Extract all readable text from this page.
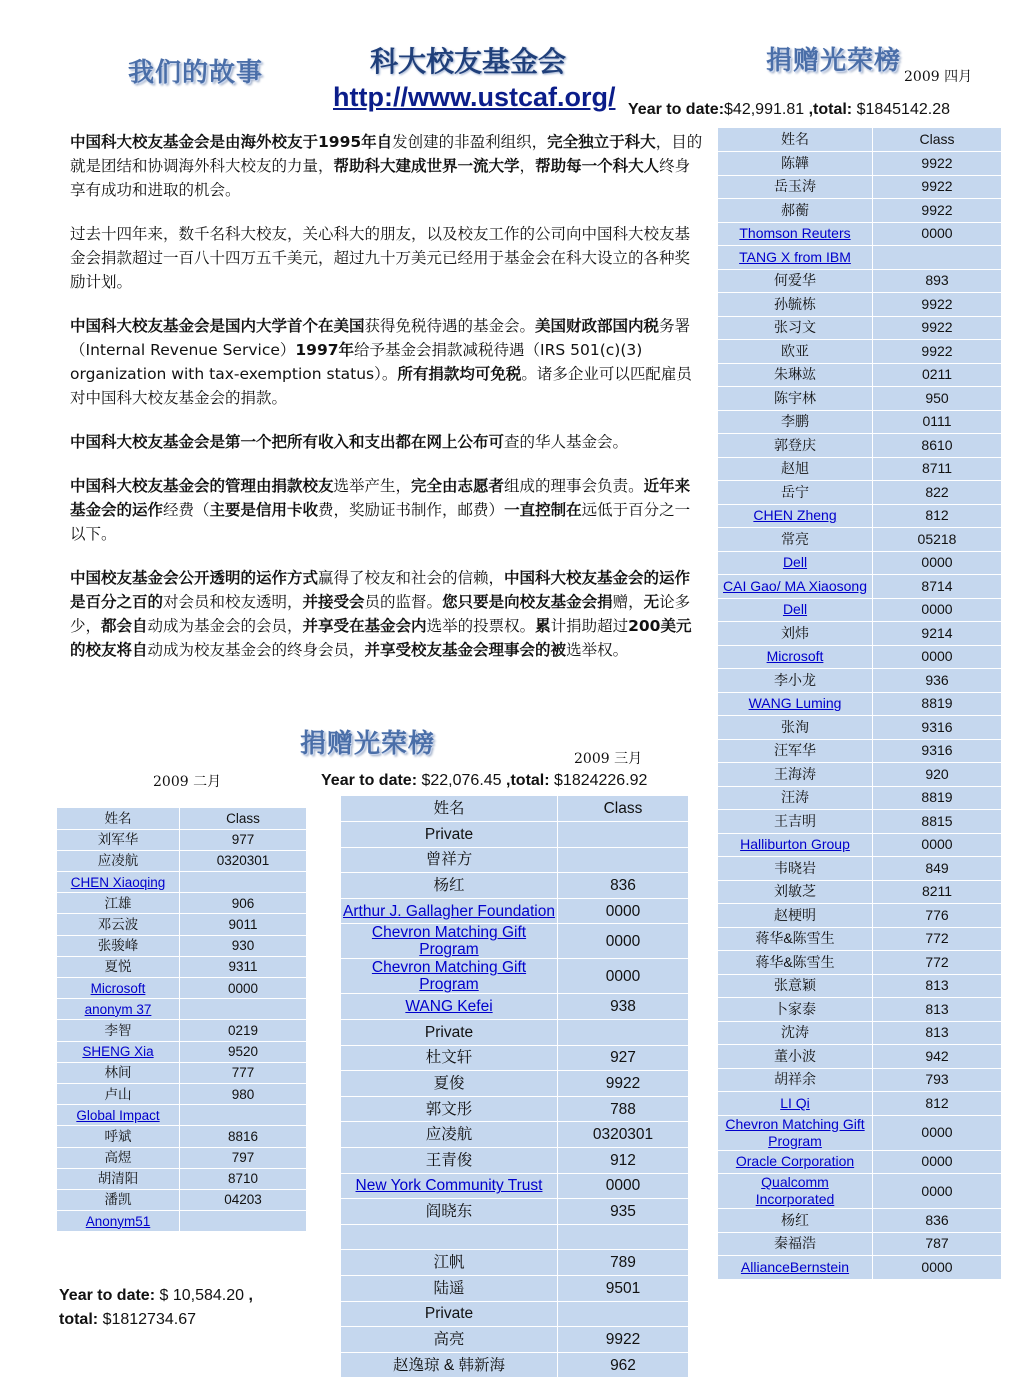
我们的故事	科大校友基金会
http://www.ustcaf.org/
捐赠光荣榜
2009 四月
Year to date:$42,991.81 ,total: $1845142.28

中国科大校友基金会是由海外校友于1995年自发创建的非盈利组织，完全独立于科大，目的就是团结和协调海外科大校友的力量，帮助科大建成世界一流大学，帮助每一个科大人终身享有成功和进取的机会。

过去十四年来，数千名科大校友，关心科大的朋友，以及校友工作的公司向中国科大校友基金会捐款超过一百八十四万五千美元，超过九十万美元已经用于基金会在科大设立的各种奖励计划。

中国科大校友基金会是国内大学首个在美国获得免税待遇的基金会。美国财政部国内税务署（Internal Revenue Service）1997年给予基金会捐款减税待遇（IRS 501(c)(3) organization with tax-exemption status）。所有捐款均可免税。诸多企业可以匹配雇员对中国科大校友基金会的捐款。

中国科大校友基金会是第一个把所有收入和支出都在网上公布可查的华人基金会。

中国科大校友基金会的管理由捐款校友选举产生，完全由志愿者组成的理事会负责。近年来基金会的运作经费（主要是信用卡收费，奖励证书制作，邮费）一直控制在远低于百分之一以下。

中国校友基金会公开透明的运作方式赢得了校友和社会的信赖，中国科大校友基金会的运作是百分之百的对会员和校友透明，并接受会员的监督。您只要是向校友基金会捐赠，无论多少，都会自动成为基金会的会员，并享受在基金会内选举的投票权。累计捐助超过200美元的校友将自动成为校友基金会的终身会员，并享受校友基金会理事会的被选举权。

姓名	Class
陈韡	9922
岳玉涛	9922
郝蘅	9922
Thomson Reuters	0000
TANG X from IBM	
何爱华	893
孙毓栋	9922
张习文	9922
欧亚	9922
朱琳竑	0211
陈宇林	950
李鹏	0111
郭登庆	8610
赵旭	8711
岳宁	822
CHEN Zheng	812
常亮	05218
Dell	0000
CAI Gao/ MA Xiaosong	8714
Dell	0000
刘炜	9214
Microsoft	0000
李小龙	936
WANG Luming	8819
张洵	9316
汪军华	9316
王海涛	920
汪涛	8819
王吉明	8815
Halliburton Group	0000
韦晓岩	849
刘敏芝	8211
赵梗明	776
蒋华&陈雪生	772
蒋华&陈雪生	772
张意颖	813
卜家泰	813
沈涛	813
董小波	942
胡祥余	793
LI Qi	812
Chevron Matching Gift Program	0000
Oracle Corporation	0000
Qualcomm Incorporated	0000
杨红	836
秦福浩	787
AllianceBernstein	0000
捐赠光荣榜	2009 三月
Year to date: $22,076.45 ,total: $1824226.92
2009 二月
姓名	Class
刘军华	977
应凌航	0320301
CHEN Xiaoqing	
江雄	906
邓云波	9011
张骏峰	930
夏悦	9311
Microsoft	0000
anonym 37	
李智	0219
SHENG Xia	9520
林间	777
卢山	980
Global Impact	
呼斌	8816
高煜	797
胡清阳	8710
潘凯	04203
Anonym51	
姓名	Class
Private	
曾祥方	
杨红	836
Arthur J. Gallagher Foundation	0000
Chevron Matching Gift Program	0000
Chevron Matching Gift Program	0000
WANG Kefei	938
Private	
杜文轩	927
夏俊	9922
郭文彤	788
应凌航	0320301
王青俊	912
New York Community Trust	0000
阎晓东	935

江帆	789
陆遥	9501
Private	
高亮	9922
赵逸琼 & 韩新海	962
Year to date: $ 10,584.20 ,
total: $1812734.67
